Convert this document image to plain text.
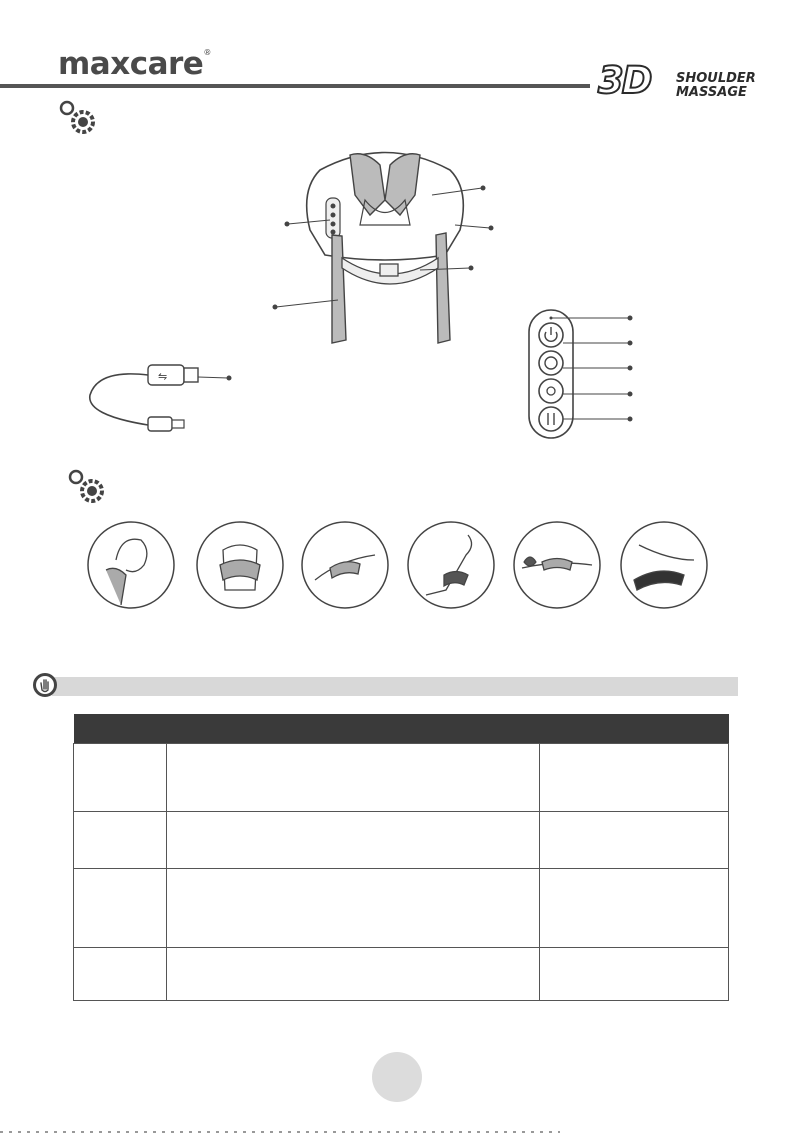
maxcare®
3D SHOULDER
MASSAGE
⇋
